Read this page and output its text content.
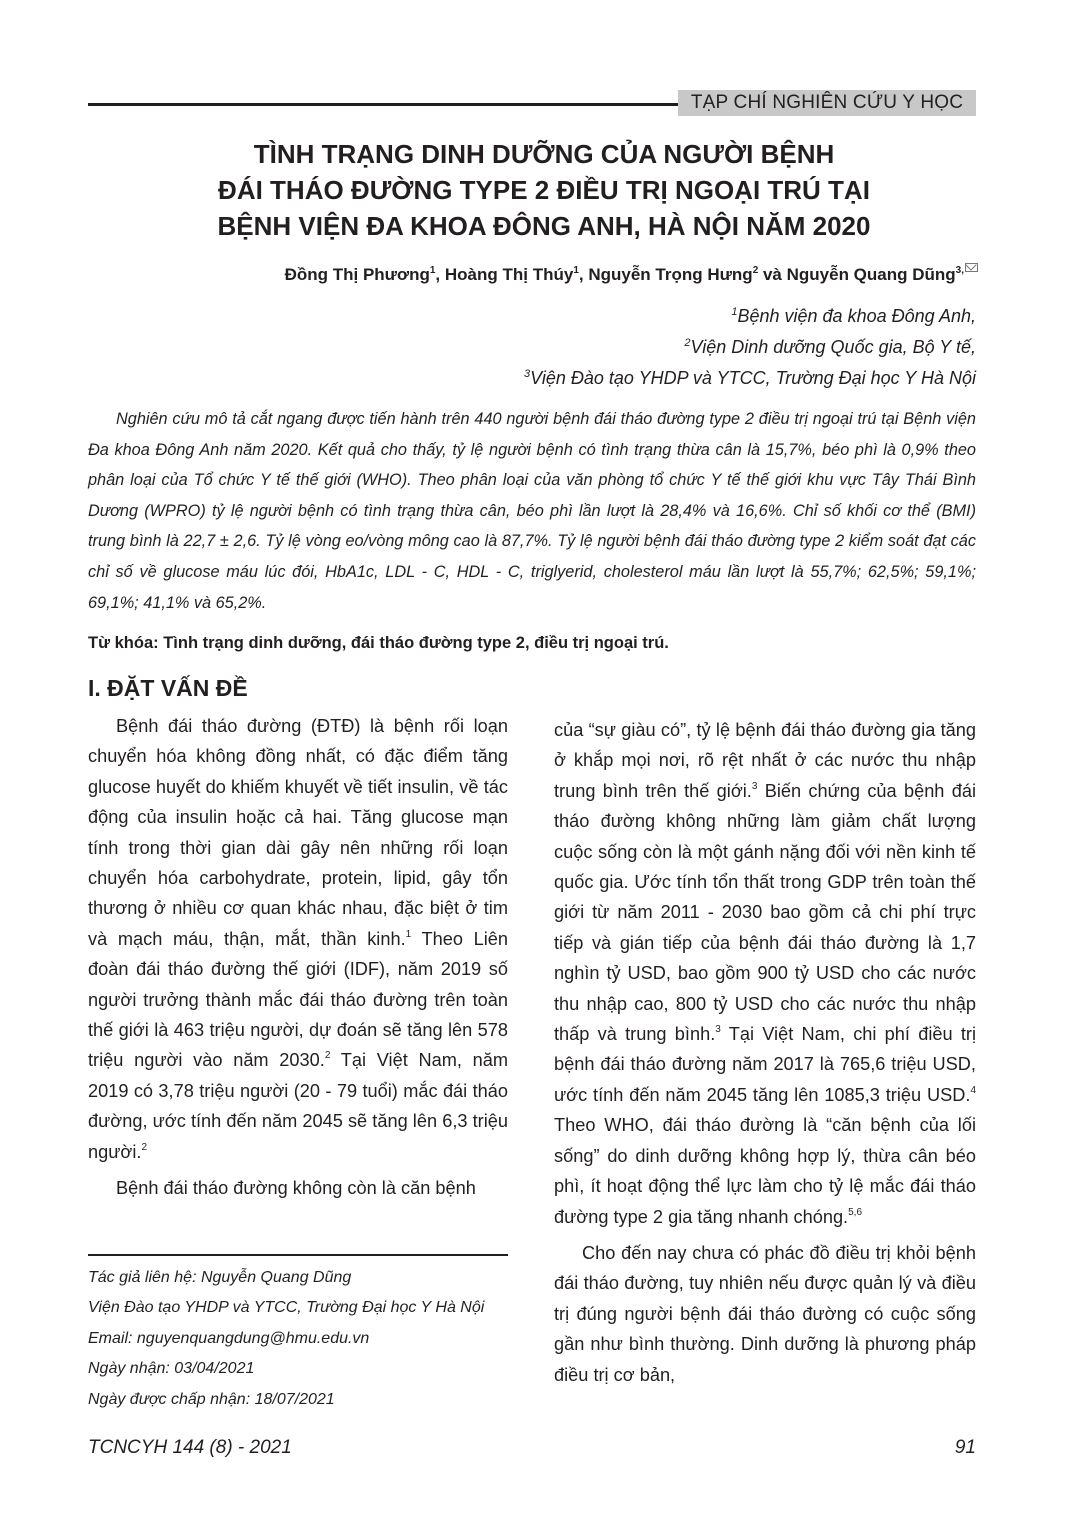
TẠP CHÍ NGHIÊN CỨU Y HỌC
TÌNH TRẠNG DINH DƯỠNG CỦA NGƯỜI BỆNH
ĐÁI THÁO ĐƯỜNG TYPE 2 ĐIỀU TRỊ NGOẠI TRÚ TẠI
BỆNH VIỆN ĐA KHOA ĐÔNG ANH, HÀ NỘI NĂM 2020
Đồng Thị Phương$^1$, Hoàng Thị Thúy$^1$, Nguyễn Trọng Hưng$^2$ và Nguyễn Quang Dũng$^{3,}$
$^1$Bệnh viện đa khoa Đông Anh,
$^2$Viện Dinh dưỡng Quốc gia, Bộ Y tế,
$^3$Viện Đào tạo YHDP và YTCC, Trường Đại học Y Hà Nội

Nghiên cứu mô tả cắt ngang được tiến hành trên 440 người bệnh đái tháo đường type 2 điều trị ngoại trú tại Bệnh viện Đa khoa Đông Anh năm 2020. Kết quả cho thấy, tỷ lệ người bệnh có tình trạng thừa cân là 15,7%, béo phì là 0,9% theo phân loại của Tổ chức Y tế thế giới (WHO). Theo phân loại của văn phòng tổ chức Y tế thế giới khu vực Tây Thái Bình Dương (WPRO) tỷ lệ người bệnh có tình trạng thừa cân, béo phì lần lượt là 28,4% và 16,6%. Chỉ số khối cơ thể (BMI) trung bình là 22,7 ± 2,6. Tỷ lệ vòng eo/vòng mông cao là 87,7%. Tỷ lệ người bệnh đái tháo đường type 2 kiểm soát đạt các chỉ số về glucose máu lúc đói, HbA1c, LDL - C, HDL - C, triglyerid, cholesterol máu lần lượt là 55,7%; 62,5%; 59,1%; 69,1%; 41,1% và 65,2%.

Từ khóa: Tình trạng dinh dưỡng, đái tháo đường type 2, điều trị ngoại trú.
I. ĐẶT VẤN ĐỀ

Bệnh đái tháo đường (ĐTĐ) là bệnh rối loạn chuyển hóa không đồng nhất, có đặc điểm tăng glucose huyết do khiếm khuyết về tiết insulin, về tác động của insulin hoặc cả hai. Tăng glucose mạn tính trong thời gian dài gây nên những rối loạn chuyển hóa carbohydrate, protein, lipid, gây tổn thương ở nhiều cơ quan khác nhau, đặc biệt ở tim và mạch máu, thận, mắt, thần kinh.$^1$ Theo Liên đoàn đái tháo đường thế giới (IDF), năm 2019 số người trưởng thành mắc đái tháo đường trên toàn thế giới là 463 triệu người, dự đoán sẽ tăng lên 578 triệu người vào năm 2030.$^2$ Tại Việt Nam, năm 2019 có 3,78 triệu người (20 - 79 tuổi) mắc đái tháo đường, ước tính đến năm 2045 sẽ tăng lên 6,3 triệu người.$^2$

Bệnh đái tháo đường không còn là căn bệnh

của “sự giàu có”, tỷ lệ bệnh đái tháo đường gia tăng ở khắp mọi nơi, rõ rệt nhất ở các nước thu nhập trung bình trên thế giới.$^3$ Biến chứng của bệnh đái tháo đường không những làm giảm chất lượng cuộc sống còn là một gánh nặng đối với nền kinh tế quốc gia. Ước tính tổn thất trong GDP trên toàn thế giới từ năm 2011 - 2030 bao gồm cả chi phí trực tiếp và gián tiếp của bệnh đái tháo đường là 1,7 nghìn tỷ USD, bao gồm 900 tỷ USD cho các nước thu nhập cao, 800 tỷ USD cho các nước thu nhập thấp và trung bình.$^3$ Tại Việt Nam, chi phí điều trị bệnh đái tháo đường năm 2017 là 765,6 triệu USD, ước tính đến năm 2045 tăng lên 1085,3 triệu USD.$^4$ Theo WHO, đái tháo đường là “căn bệnh của lối sống” do dinh dưỡng không hợp lý, thừa cân béo phì, ít hoạt động thể lực làm cho tỷ lệ mắc đái tháo đường type 2 gia tăng nhanh chóng.$^{5,6}$

Cho đến nay chưa có phác đồ điều trị khỏi bệnh đái tháo đường, tuy nhiên nếu được quản lý và điều trị đúng người bệnh đái tháo đường có cuộc sống gần như bình thường. Dinh dưỡng là phương pháp điều trị cơ bản,

Tác giả liên hệ: Nguyễn Quang Dũng
Viện Đào tạo YHDP và YTCC, Trường Đại học Y Hà Nội
Email: nguyenquangdung@hmu.edu.vn
Ngày nhận: 03/04/2021
Ngày được chấp nhận: 18/07/2021
TCNCYH 144 (8) - 2021	91
